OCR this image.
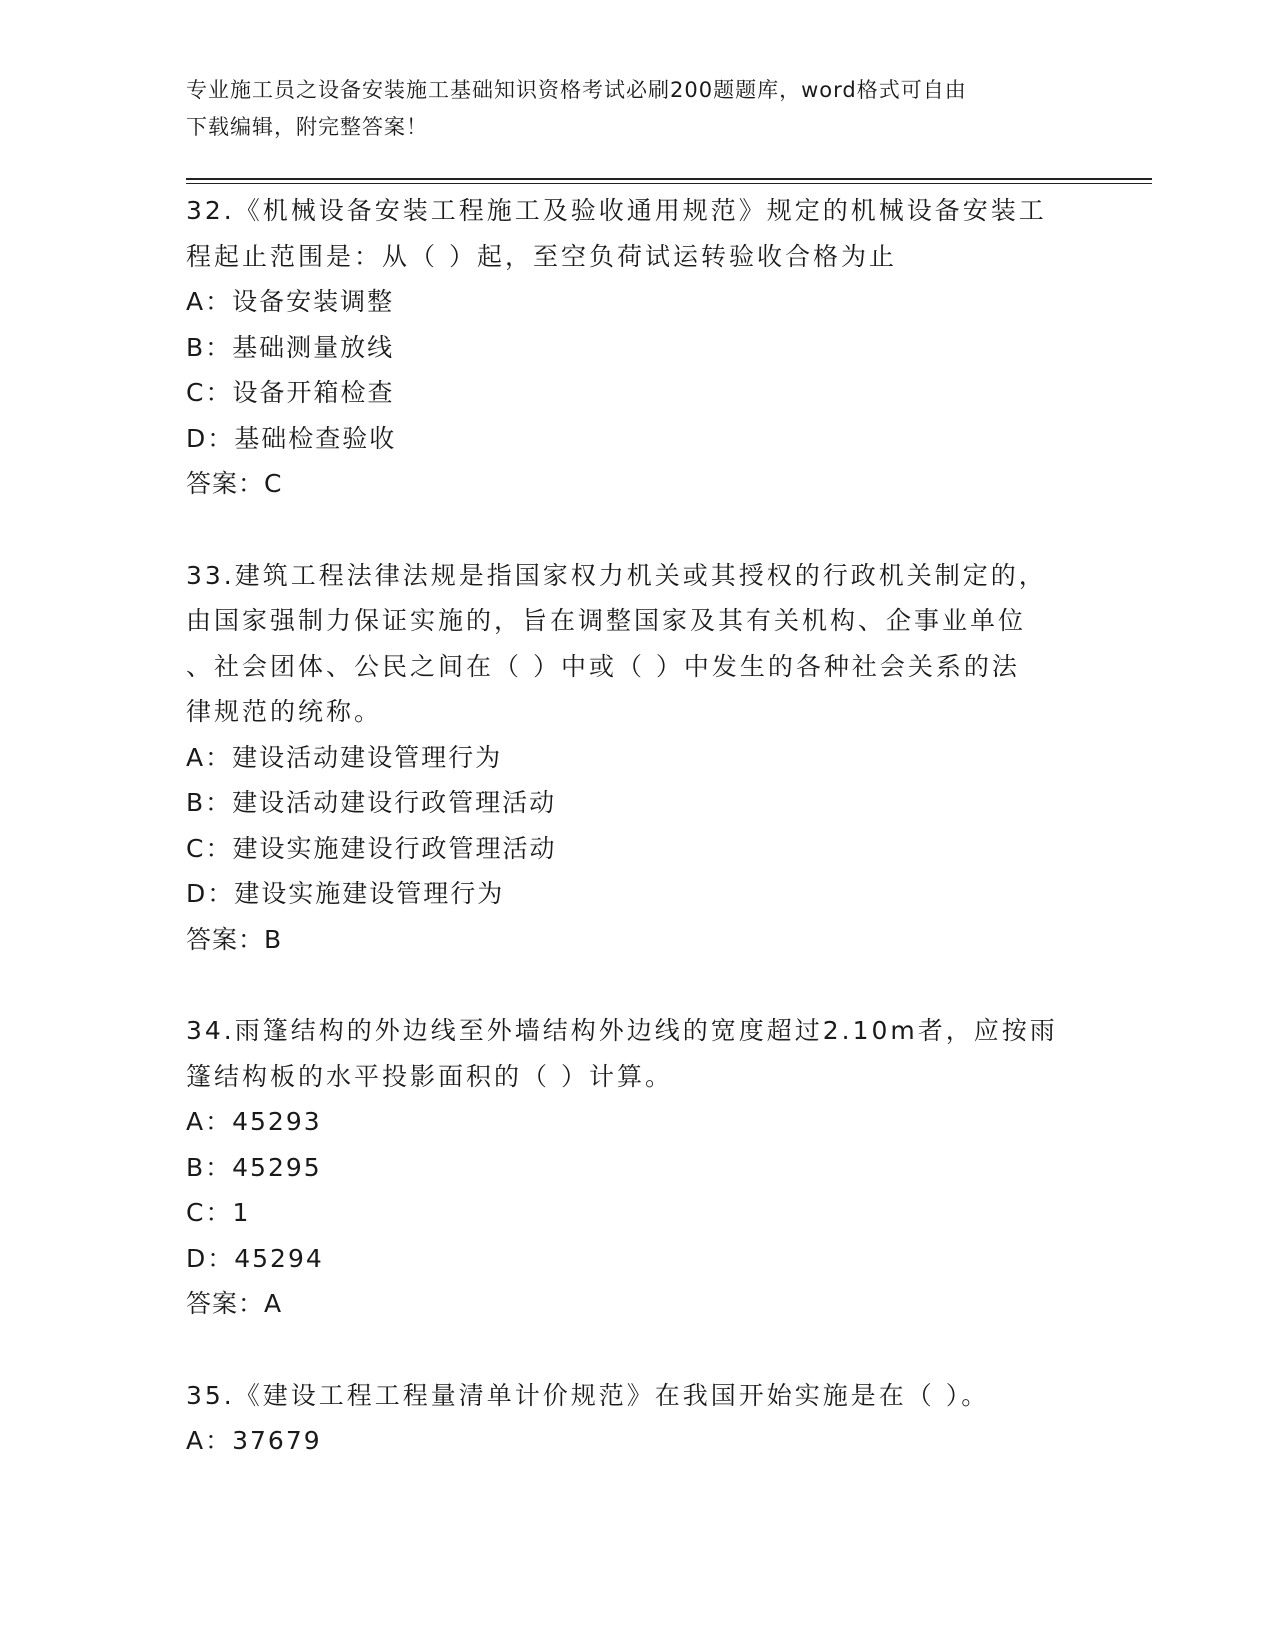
专业施工员之设备安装施工基础知识资格考试必刷200题题库，word格式可自由
下载编辑，附完整答案！
32.《机械设备安装工程施工及验收通用规范》规定的机械设备安装工
程起止范围是：从（ ）起，至空负荷试运转验收合格为止
A：设备安装调整
B：基础测量放线
C：设备开箱检查
D：基础检查验收
答案：C
33.建筑工程法律法规是指国家权力机关或其授权的行政机关制定的，
由国家强制力保证实施的，旨在调整国家及其有关机构、企事业单位
、社会团体、公民之间在（ ）中或（ ）中发生的各种社会关系的法
律规范的统称。
A：建设活动建设管理行为
B：建设活动建设行政管理活动
C：建设实施建设行政管理活动
D：建设实施建设管理行为
答案：B
34.雨篷结构的外边线至外墙结构外边线的宽度超过2.10m者，应按雨
篷结构板的水平投影面积的（ ）计算。
A：45293
B：45295
C：1
D：45294
答案：A
35.《建设工程工程量清单计价规范》在我国开始实施是在（ ）。
A：37679
